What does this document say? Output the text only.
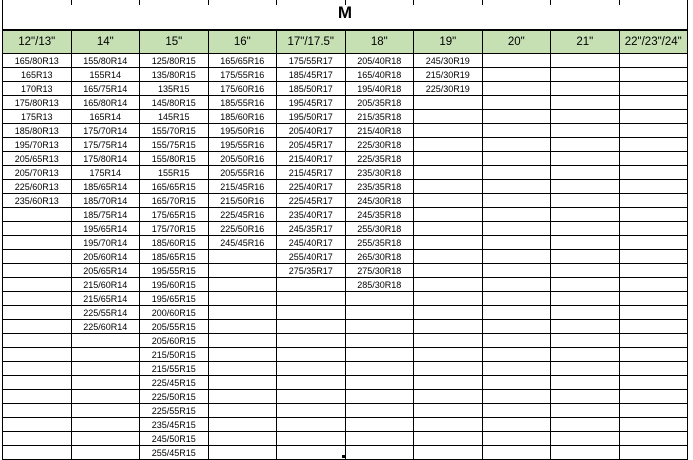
M
12"/13"	14"	15"	16"	17"/17.5"	18"	19"	20"	21"	22"/23"/24"
165/80R13	155/80R14	125/80R15	165/65R16	175/55R17	205/40R18	245/30R19			
165R13	155R14	135/80R15	175/55R16	185/45R17	165/40R18	215/30R19			
170R13	165/75R14	135R15	175/60R16	185/50R17	195/40R18	225/30R19			
175/80R13	165/80R14	145/80R15	185/55R16	195/45R17	205/35R18				
175R13	165R14	145R15	185/60R16	195/50R17	215/35R18				
185/80R13	175/70R14	155/70R15	195/50R16	205/40R17	215/40R18				
195/70R13	175/75R14	155/75R15	195/55R16	205/45R17	225/30R18				
205/65R13	175/80R14	155/80R15	205/50R16	215/40R17	225/35R18				
205/70R13	175R14	155R15	205/55R16	215/45R17	235/30R18				
225/60R13	185/65R14	165/65R15	215/45R16	225/40R17	235/35R18				
235/60R13	185/70R14	165/70R15	215/50R16	225/45R17	245/30R18				
	185/75R14	175/65R15	225/45R16	235/40R17	245/35R18				
	195/65R14	175/70R15	225/50R16	245/35R17	255/30R18				
	195/70R14	185/60R15	245/45R16	245/40R17	255/35R18				
	205/60R14	185/65R15		255/40R17	265/30R18				
	205/65R14	195/55R15		275/35R17	275/30R18				
	215/60R14	195/60R15			285/30R18				
	215/65R14	195/65R15							
	225/55R14	200/60R15							
	225/60R14	205/55R15							
		205/60R15							
		215/50R15							
		215/55R15							
		225/45R15							
		225/50R15							
		225/55R15							
		235/45R15							
		245/50R15							
		255/45R15							
